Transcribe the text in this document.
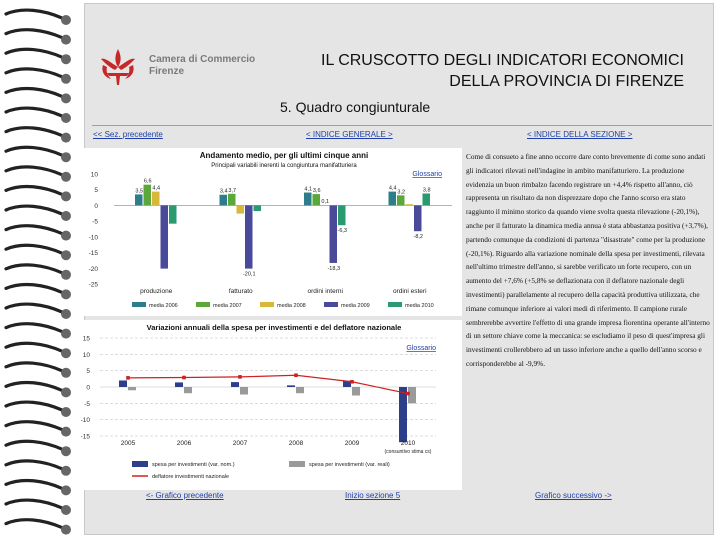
Camera di Commercio
Firenze
IL CRUSCOTTO DEGLI INDICATORI ECONOMICI
DELLA PROVINCIA DI FIRENZE
5. Quadro congiunturale
<< Sez. precedente	< INDICE GENERALE >	< INDICE DELLA SEZIONE >
Andamento medio, per gli ultimi cinque anni
Principali variabili inerenti la congiuntura manifatturiera
Glossario
10
5
0
-5
-10
-15
-20
-25
3,5
6,6
4,4
produzione
3,4 3,7
-20,1
fatturato
4,1 3,6
0,1
-18,3
-6,3
ordini interni
4,4
3,2
-8,2
3,8
ordini esteri
media 2006	media 2007	media 2008	media 2009	media 2010
Variazioni annuali della spesa per investimenti e del deflatore nazionale
Glossario
15
10
5
0
-5
-10
-15
2005	2006	2007	2008	2009	2010
(consuntivo stima cs)
spesa per investimenti (var. nom.)	spesa per investimenti (var. reali)
deflatore investimenti nazionale
Come di consueto a fine anno occorre dare conto brevemente di come sono andati gli indicatori rilevati nell'indagine in ambito manifatturiero. La produzione evidenzia un buon rimbalzo facendo registrare un +4,4% rispetto all'anno, ciò rappresenta un risultato da non disprezzare dopo che l'anno scorso era stato raggiunto il minimo storico da quando viene svolta questa rilevazione (-20,1%), anche per il fatturato la dinamica media annua è stata abbastanza positiva (+3,7%), partendo comunque da condizioni di partenza "disastrate" come per la produzione (-20,1%). Riguardo alla variazione nominale della spesa per investimenti, rilevata nell'ultimo trimestre dell'anno, si sarebbe verificato un forte recupero, con un aumento del +7,6% (+5,8% se deflazionata con il deflatore nazionale degli investimenti) parallelamente al recupero della capacità produttiva utilizzata, che rimane comunque inferiore ai valori medi di riferimento. Il campione rurale sembrerebbe avvertire l'effetto di una grande impresa fiorentina operante all'interno di un settore chiave come la meccanica: se escludiamo il peso di quest'impresa gli investimenti crollerebbero ad un tasso inferiore anche a quello dell'anno scorso e corrisponderebbe al -9,9%.
<- Grafico precedente	Inizio sezione 5	Grafico successivo ->
